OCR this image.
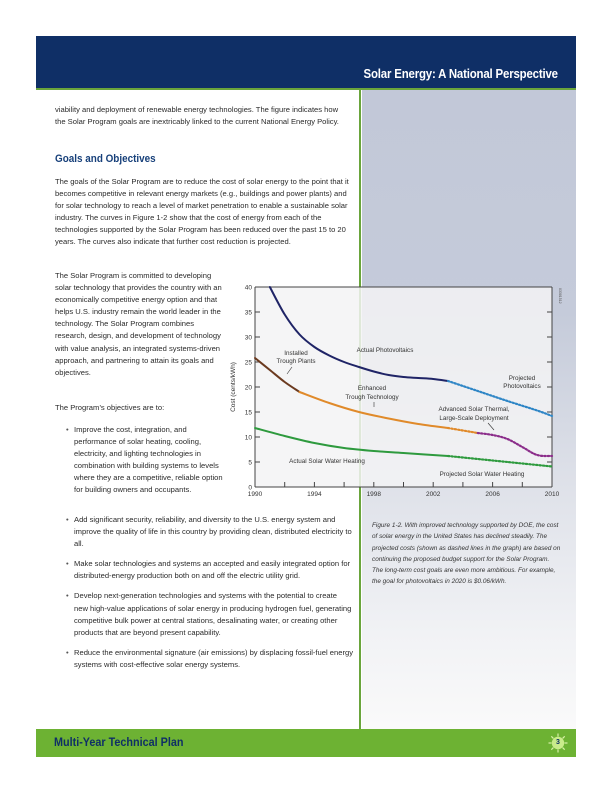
Solar Energy: A National Perspective

viability and deployment of renewable energy technologies. The figure indicates how the Solar Program goals are inextricably linked to the current National Energy Policy.

Goals and Objectives

The goals of the Solar Program are to reduce the cost of solar energy to the point that it becomes competitive in relevant energy markets (e.g., buildings and power plants) and for solar technology to reach a level of market penetration to enable a sustainable solar industry. The curves in Figure 1-2 show that the cost of energy from each of the technologies supported by the Solar Program has been reduced over the past 15 to 20 years. The curves also indicate that further cost reduction is projected.

The Solar Program is committed to developing solar technology that provides the country with an economically competitive energy option and that helps U.S. industry remain the world leader in the technology. The Solar Program combines research, design, and development of technology with value analysis, an integrated systems-driven approach, and partnering to attain its goals and objectives.

The Program’s objectives are to:

• Improve the cost, integration, and performance of solar heating, cooling, electricity, and lighting technologies in combination with building systems to levels where they are a competitive, reliable option for building owners and occupants.
• Add significant security, reliability, and diversity to the U.S. energy system and improve the quality of life in this country by providing clean, distributed electricity to all.
• Make solar technologies and systems an accepted and easily integrated option for distributed-energy production both on and off the electric utility grid.
• Develop next-generation technologies and systems with the potential to create new high-value applications of solar energy in producing hydrogen fuel, generating competitive bulk power at central stations, desalinating water, or creating other products that are beyond present capability.
• Reduce the environmental signature (air emissions) by displacing fossil-fuel energy systems with cost-effective solar energy systems.
0
5
10
15
20
25
30
35
40
1990	1994	1998	2002	2006	2010
Cost (cents/kWh)
03381512
Installed
Trough Plants
Actual Photovoltaics
Enhanced
Trough Technology
Projected
Photovoltaics
Advanced Solar Thermal,
Large-Scale Deployment
Actual Solar Water Heating
Projected Solar Water Heating
Figure 1-2. With improved technology supported by DOE, the cost of solar energy in the United States has declined steadily. The projected costs (shown as dashed lines in the graph) are based on continuing the proposed budget support for the Solar Program. The long-term cost goals are even more ambitious. For example, the goal for photovoltaics in 2020 is $0.06/kWh.
Multi-Year Technical Plan	3
